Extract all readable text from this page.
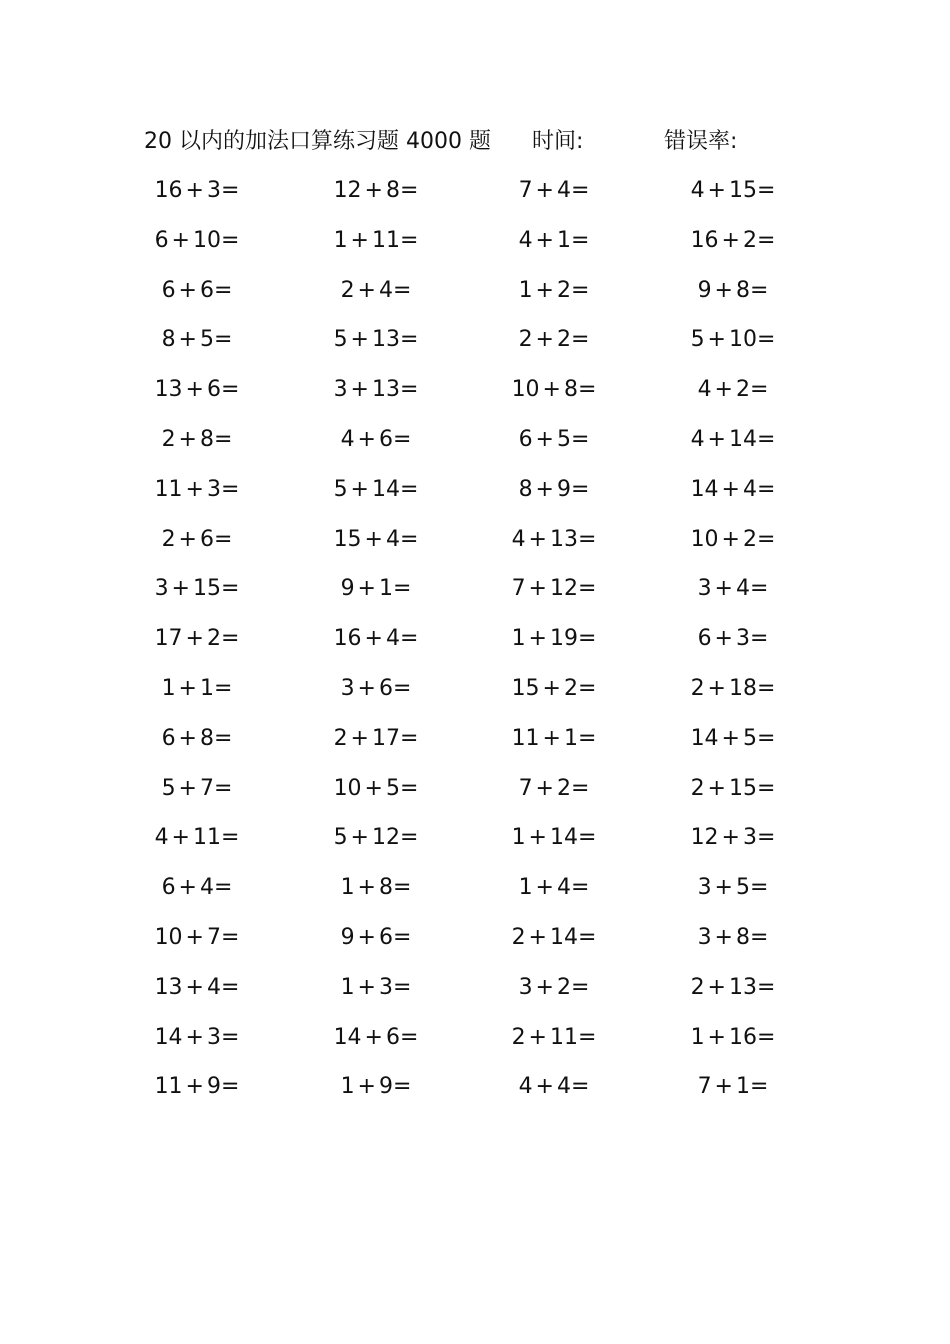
20 以内的加法口算练习题 4000 题 时间:	错误率:
16 + 3=	12 + 8=	7 + 4=	4 + 15=
6 + 10=	1 + 11=	4 + 1=	16 + 2=
6 + 6=	2 + 4=	1 + 2=	9 + 8=
8 + 5=	5 + 13=	2 + 2=	5 + 10=
13 + 6=	3 + 13=	10 + 8=	4 + 2=
2 + 8=	4 + 6=	6 + 5=	4 + 14=
11 + 3=	5 + 14=	8 + 9=	14 + 4=
2 + 6=	15 + 4=	4 + 13=	10 + 2=
3 + 15=	9 + 1=	7 + 12=	3 + 4=
17 + 2=	16 + 4=	1 + 19=	6 + 3=
1 + 1=	3 + 6=	15 + 2=	2 + 18=
6 + 8=	2 + 17=	11 + 1=	14 + 5=
5 + 7=	10 + 5=	7 + 2=	2 + 15=
4 + 11=	5 + 12=	1 + 14=	12 + 3=
6 + 4=	1 + 8=	1 + 4=	3 + 5=
10 + 7=	9 + 6=	2 + 14=	3 + 8=
13 + 4=	1 + 3=	3 + 2=	2 + 13=
14 + 3=	14 + 6=	2 + 11=	1 + 16=
11 + 9=	1 + 9=	4 + 4=	7 + 1=
